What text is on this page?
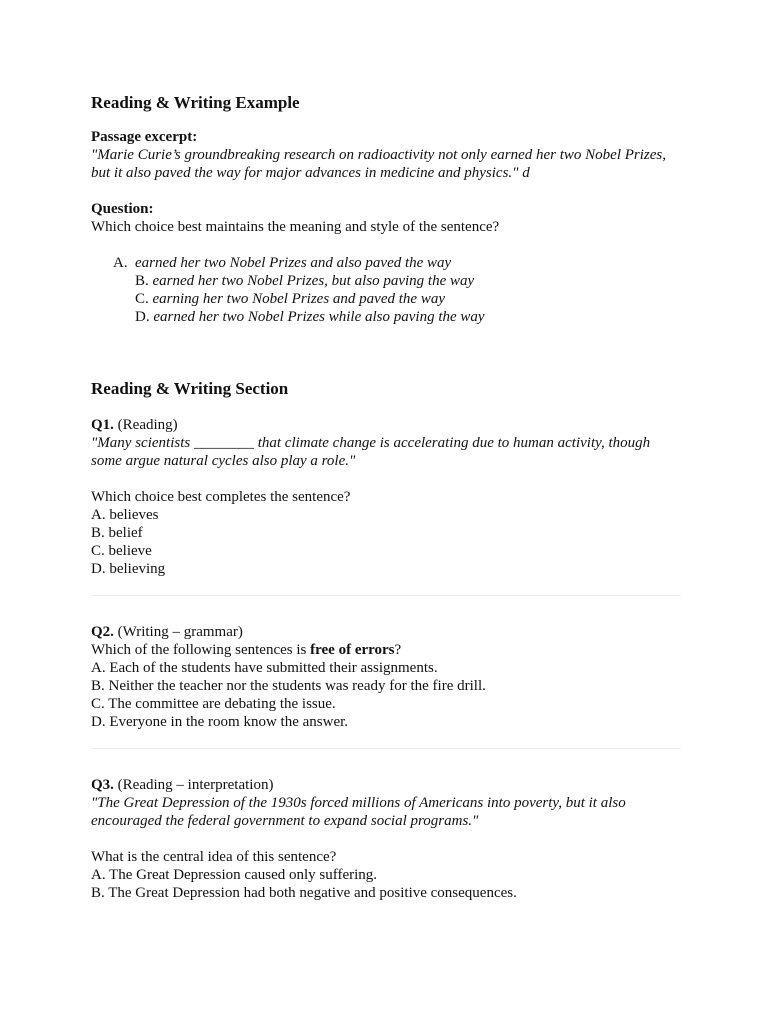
Reading & Writing Example

Passage excerpt:

"Marie Curie’s groundbreaking research on radioactivity not only earned her two Nobel Prizes,

but it also paved the way for major advances in medicine and physics." d

Question:

Which choice best maintains the meaning and style of the sentence?

A. earned her two Nobel Prizes and also paved the way
B. earned her two Nobel Prizes, but also paving the way
C. earning her two Nobel Prizes and paved the way
D. earned her two Nobel Prizes while also paving the way
Reading & Writing Section

Q1. (Reading)

"Many scientists ________ that climate change is accelerating due to human activity, though

some argue natural cycles also play a role."

Which choice best completes the sentence?

A. believes

B. belief

C. believe

D. believing

Q2. (Writing – grammar)

Which of the following sentences is free of errors?

A. Each of the students have submitted their assignments.

B. Neither the teacher nor the students was ready for the fire drill.

C. The committee are debating the issue.

D. Everyone in the room know the answer.

Q3. (Reading – interpretation)

"The Great Depression of the 1930s forced millions of Americans into poverty, but it also

encouraged the federal government to expand social programs."

What is the central idea of this sentence?

A. The Great Depression caused only suffering.

B. The Great Depression had both negative and positive consequences.
